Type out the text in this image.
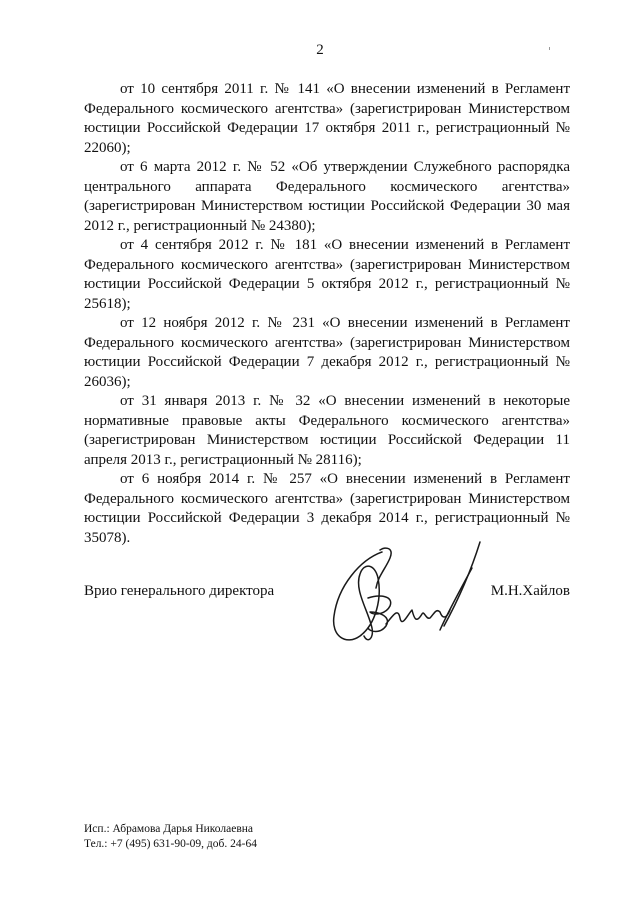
2

от 10 сентября 2011 г. № 141 «О внесении изменений в Регламент Федерального космического агентства» (зарегистрирован Министерством юстиции Российской Федерации 17 октября 2011 г., регистрационный № 22060);

от 6 марта 2012 г. № 52 «Об утверждении Служебного распорядка центрального аппарата Федерального космического агентства» (зарегистрирован Министерством юстиции Российской Федерации 30 мая 2012 г., регистрационный № 24380);

от 4 сентября 2012 г. № 181 «О внесении изменений в Регламент Федерального космического агентства» (зарегистрирован Министерством юстиции Российской Федерации 5 октября 2012 г., регистрационный № 25618);

от 12 ноября 2012 г. № 231 «О внесении изменений в Регламент Федерального космического агентства» (зарегистрирован Министерством юстиции Российской Федерации 7 декабря 2012 г., регистрационный № 26036);

от 31 января 2013 г. № 32 «О внесении изменений в некоторые нормативные правовые акты Федерального космического агентства» (зарегистрирован Министерством юстиции Российской Федерации 11 апреля 2013 г., регистрационный № 28116);

от 6 ноября 2014 г. № 257 «О внесении изменений в Регламент Федерального космического агентства» (зарегистрирован Министерством юстиции Российской Федерации 3 декабря 2014 г., регистрационный № 35078).

Врио генерального директора	М.Н.Хайлов
Исп.: Абрамова Дарья Николаевна
Тел.: +7 (495) 631-90-09, доб. 24-64
